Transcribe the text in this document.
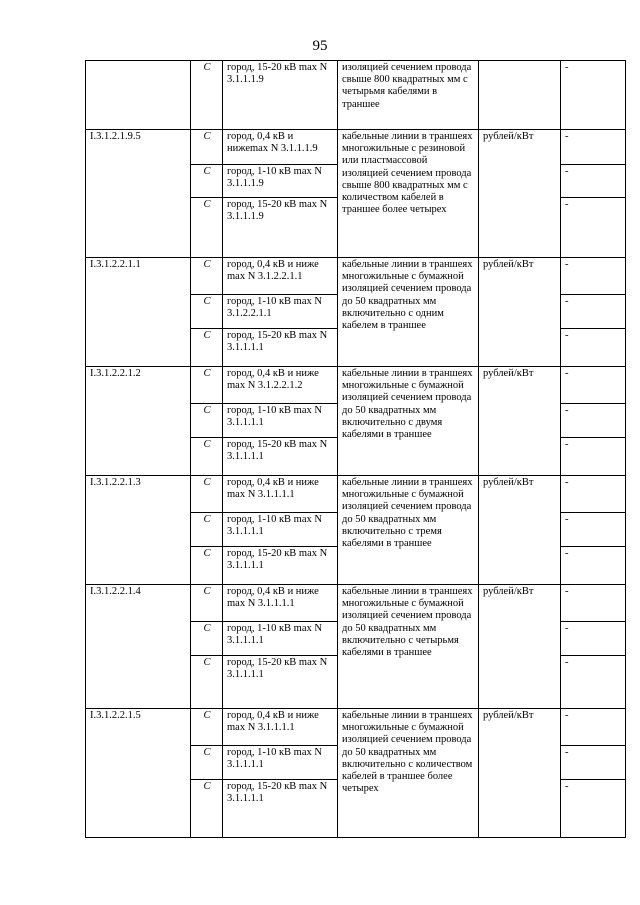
95
	C	город, 15-20 кВ max N 3.1.1.1.9	изоляцией сечением провода свыше 800 квадратных мм с четырьмя кабелями в траншее		-
I.3.1.2.1.9.5	C	город, 0,4 кВ и нижеmax N 3.1.1.1.9	кабельные линии в траншеях многожильные с резиновой или пластмассовой изоляцией сечением провода свыше 800 квадратных мм с количеством кабелей в траншее более четырех	рублей/кВт	-
	C	город, 1-10 кВ max N 3.1.1.1.9			-
	C	город, 15-20 кВ max N 3.1.1.1.9			-
I.3.1.2.2.1.1	C	город, 0,4 кВ и ниже max N 3.1.2.2.1.1	кабельные линии в траншеях многожильные с бумажной изоляцией сечением провода до 50 квадратных мм включительно с одним кабелем в траншее	рублей/кВт	-
	C	город, 1-10 кВ max N 3.1.2.2.1.1			-
	C	город, 15-20 кВ max N 3.1.1.1.1			-
I.3.1.2.2.1.2	C	город, 0,4 кВ и ниже max N 3.1.2.2.1.2	кабельные линии в траншеях многожильные с бумажной изоляцией сечением провода до 50 квадратных мм включительно с двумя кабелями в траншее	рублей/кВт	-
	C	город, 1-10 кВ max N 3.1.1.1.1			-
	C	город, 15-20 кВ max N 3.1.1.1.1			-
I.3.1.2.2.1.3	C	город, 0,4 кВ и ниже max N 3.1.1.1.1	кабельные линии в траншеях многожильные с бумажной изоляцией сечением провода до 50 квадратных мм включительно с тремя кабелями в траншее	рублей/кВт	-
	C	город, 1-10 кВ max N 3.1.1.1.1			-
	C	город, 15-20 кВ max N 3.1.1.1.1			-
I.3.1.2.2.1.4	C	город, 0,4 кВ и ниже max N 3.1.1.1.1	кабельные линии в траншеях многожильные с бумажной изоляцией сечением провода до 50 квадратных мм включительно с четырьмя кабелями в траншее	рублей/кВт	-
	C	город, 1-10 кВ max N 3.1.1.1.1			-
	C	город, 15-20 кВ max N 3.1.1.1.1			-
I.3.1.2.2.1.5	C	город, 0,4 кВ и ниже max N 3.1.1.1.1	кабельные линии в траншеях многожильные с бумажной изоляцией сечением провода до 50 квадратных мм включительно с количеством кабелей в траншее более четырех	рублей/кВт	-
	C	город, 1-10 кВ max N 3.1.1.1.1			-
	C	город, 15-20 кВ max N 3.1.1.1.1			-
